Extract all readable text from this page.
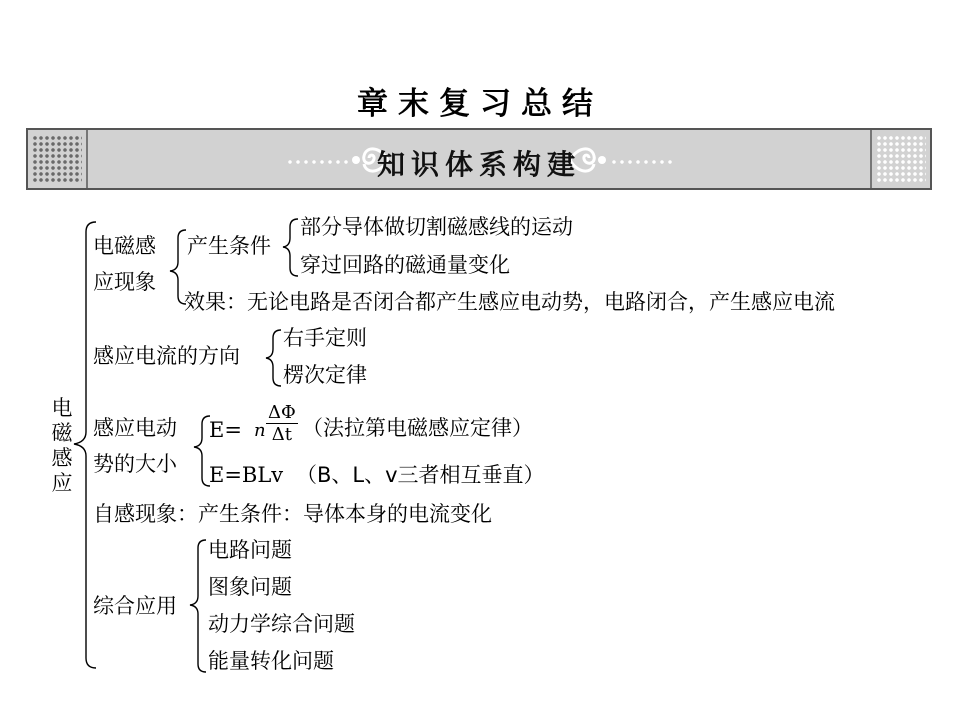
章末复习总结
知识体系构建
电磁感应
电磁感
应现象
产生条件
部分导体做切割磁感线的运动
穿过回路的磁通量变化
效果：无论电路是否闭合都产生感应电动势，电路闭合，产生感应电流
感应电流的方向
右手定则
楞次定律
感应电动
势的大小
E= n $\frac{\Delta\Phi}{\Delta t}$ （法拉第电磁感应定律）
E=BLv （B、L、v三者相互垂直）
自感现象：产生条件：导体本身的电流变化
综合应用
电路问题
图象问题
动力学综合问题
能量转化问题
